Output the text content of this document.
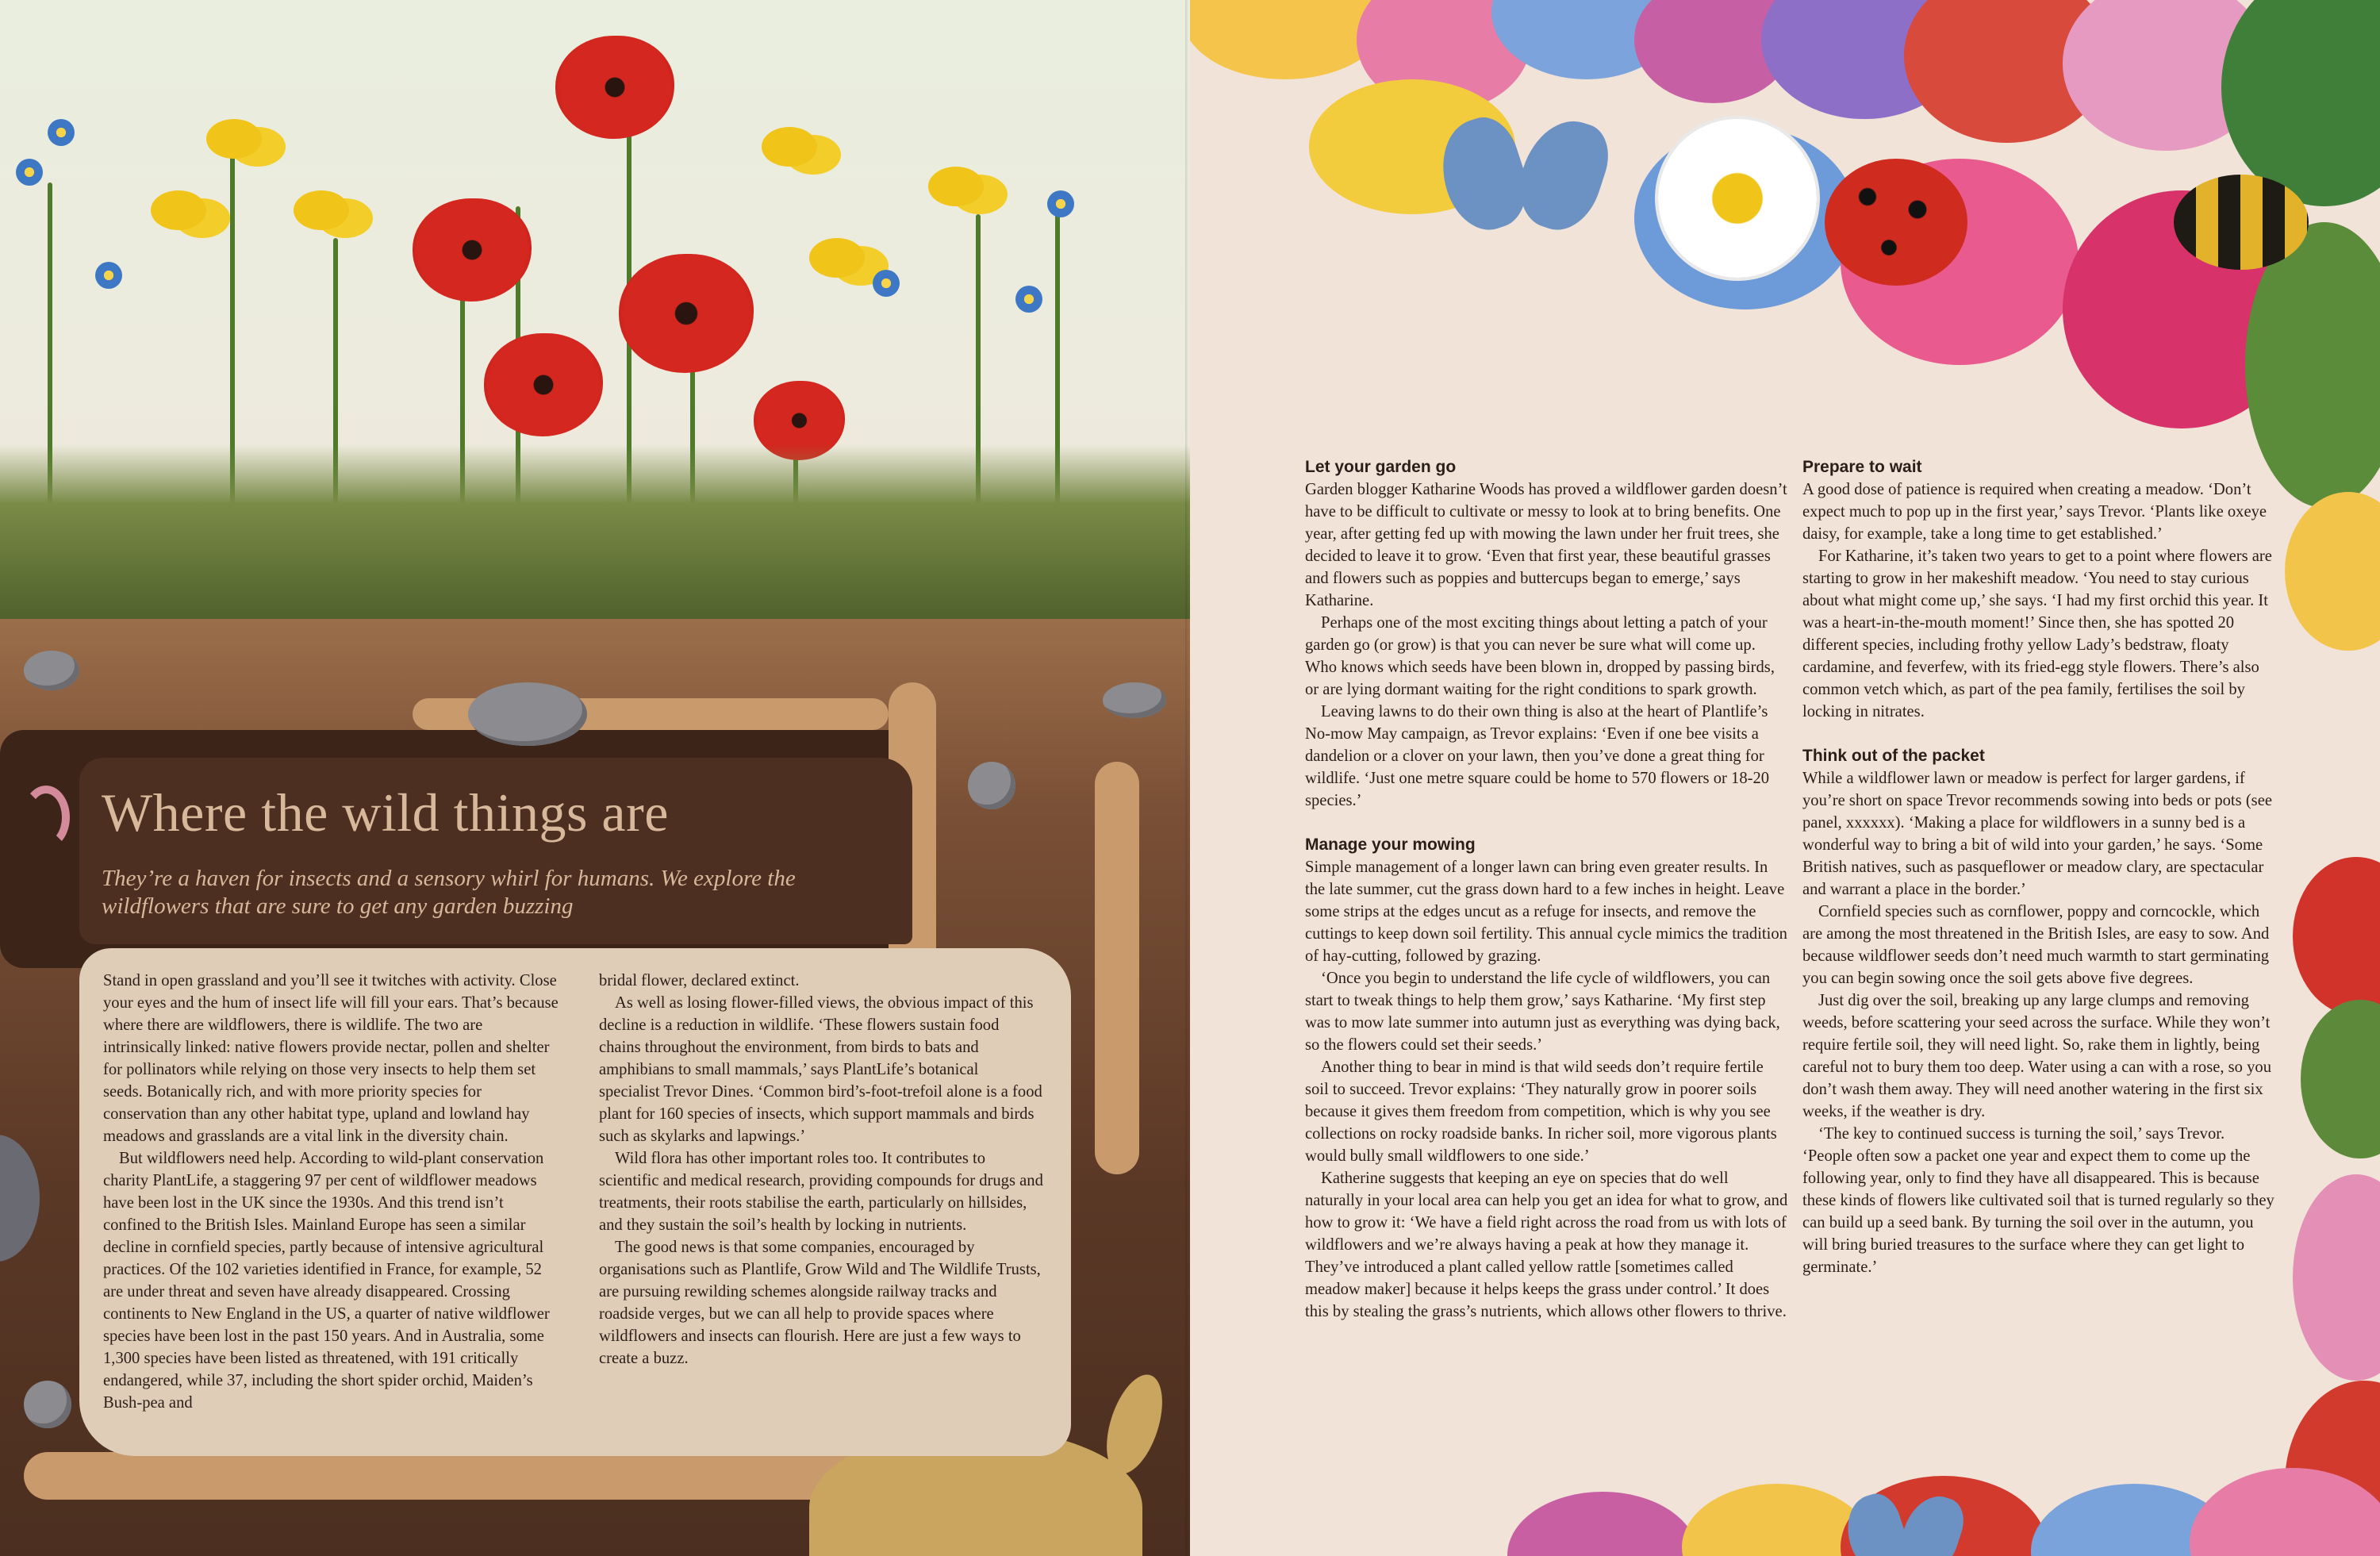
Where the wild things are

They’re a haven for insects and a sensory whirl for humans. We explore the wildflowers that are sure to get any garden buzzing

Stand in open grassland and you’ll see it twitches with activity. Close your eyes and the hum of insect life will fill your ears. That’s because where there are wildflowers, there is wildlife. The two are intrinsically linked: native flowers provide nectar, pollen and shelter for pollinators while relying on those very insects to help them set seeds. Botanically rich, and with more priority species for conservation than any other habitat type, upland and lowland hay meadows and grasslands are a vital link in the diversity chain.

But wildflowers need help. According to wild-plant conservation charity PlantLife, a staggering 97 per cent of wildflower meadows have been lost in the UK since the 1930s. And this trend isn’t confined to the British Isles. Mainland Europe has seen a similar decline in cornfield species, partly because of intensive agricultural practices. Of the 102 varieties identified in France, for example, 52 are under threat and seven have already disappeared. Crossing continents to New England in the US, a quarter of native wildflower species have been lost in the past 150 years. And in Australia, some 1,300 species have been listed as threatened, with 191 critically endangered, while 37, including the short spider orchid, Maiden’s Bush-pea and

bridal flower, declared extinct.

As well as losing flower-filled views, the obvious impact of this decline is a reduction in wildlife. ‘These flowers sustain food chains throughout the environment, from birds to bats and amphibians to small mammals,’ says PlantLife’s botanical specialist Trevor Dines. ‘Common bird’s-foot-trefoil alone is a food plant for 160 species of insects, which support mammals and birds such as skylarks and lapwings.’

Wild flora has other important roles too. It contributes to scientific and medical research, providing compounds for drugs and treatments, their roots stabilise the earth, particularly on hillsides, and they sustain the soil’s health by locking in nutrients.

The good news is that some companies, encouraged by organisations such as Plantlife, Grow Wild and The Wildlife Trusts, are pursuing rewilding schemes alongside railway tracks and roadside verges, but we can all help to provide spaces where wildflowers and insects can flourish. Here are just a few ways to create a buzz.

Let your garden go

Garden blogger Katharine Woods has proved a wildflower garden doesn’t have to be difficult to cultivate or messy to look at to bring benefits. One year, after getting fed up with mowing the lawn under her fruit trees, she decided to leave it to grow. ‘Even that first year, these beautiful grasses and flowers such as poppies and buttercups began to emerge,’ says Katharine.

Perhaps one of the most exciting things about letting a patch of your garden go (or grow) is that you can never be sure what will come up. Who knows which seeds have been blown in, dropped by passing birds, or are lying dormant waiting for the right conditions to spark growth.

Leaving lawns to do their own thing is also at the heart of Plantlife’s No-mow May campaign, as Trevor explains: ‘Even if one bee visits a dandelion or a clover on your lawn, then you’ve done a great thing for wildlife. ‘Just one metre square could be home to 570 flowers or 18-20 species.’

Manage your mowing

Simple management of a longer lawn can bring even greater results. In the late summer, cut the grass down hard to a few inches in height. Leave some strips at the edges uncut as a refuge for insects, and remove the cuttings to keep down soil fertility. This annual cycle mimics the tradition of hay-cutting, followed by grazing.

‘Once you begin to understand the life cycle of wildflowers, you can start to tweak things to help them grow,’ says Katharine. ‘My first step was to mow late summer into autumn just as everything was dying back, so the flowers could set their seeds.’

Another thing to bear in mind is that wild seeds don’t require fertile soil to succeed. Trevor explains: ‘They naturally grow in poorer soils because it gives them freedom from competition, which is why you see collections on rocky roadside banks. In richer soil, more vigorous plants would bully small wildflowers to one side.’

Katherine suggests that keeping an eye on species that do well naturally in your local area can help you get an idea for what to grow, and how to grow it: ‘We have a field right across the road from us with lots of wildflowers and we’re always having a peak at how they manage it. They’ve introduced a plant called yellow rattle [sometimes called meadow maker] because it helps keeps the grass under control.’ It does this by stealing the grass’s nutrients, which allows other flowers to thrive.

Prepare to wait

A good dose of patience is required when creating a meadow. ‘Don’t expect much to pop up in the first year,’ says Trevor. ‘Plants like oxeye daisy, for example, take a long time to get established.’

For Katharine, it’s taken two years to get to a point where flowers are starting to grow in her makeshift meadow. ‘You need to stay curious about what might come up,’ she says. ‘I had my first orchid this year. It was a heart-in-the-mouth moment!’ Since then, she has spotted 20 different species, including frothy yellow Lady’s bedstraw, floaty cardamine, and feverfew, with its fried-egg style flowers. There’s also common vetch which, as part of the pea family, fertilises the soil by locking in nitrates.

Think out of the packet

While a wildflower lawn or meadow is perfect for larger gardens, if you’re short on space Trevor recommends sowing into beds or pots (see panel, xxxxxx). ‘Making a place for wildflowers in a sunny bed is a wonderful way to bring a bit of wild into your garden,’ he says. ‘Some British natives, such as pasqueflower or meadow clary, are spectacular and warrant a place in the border.’

Cornfield species such as cornflower, poppy and corncockle, which are among the most threatened in the British Isles, are easy to sow. And because wildflower seeds don’t need much warmth to start germinating you can begin sowing once the soil gets above five degrees.

Just dig over the soil, breaking up any large clumps and removing weeds, before scattering your seed across the surface. While they won’t require fertile soil, they will need light. So, rake them in lightly, being careful not to bury them too deep. Water using a can with a rose, so you don’t wash them away. They will need another watering in the first six weeks, if the weather is dry.

‘The key to continued success is turning the soil,’ says Trevor. ‘People often sow a packet one year and expect them to come up the following year, only to find they have all disappeared. This is because these kinds of flowers like cultivated soil that is turned regularly so they can build up a seed bank. By turning the soil over in the autumn, you will bring buried treasures to the surface where they can get light to germinate.’
